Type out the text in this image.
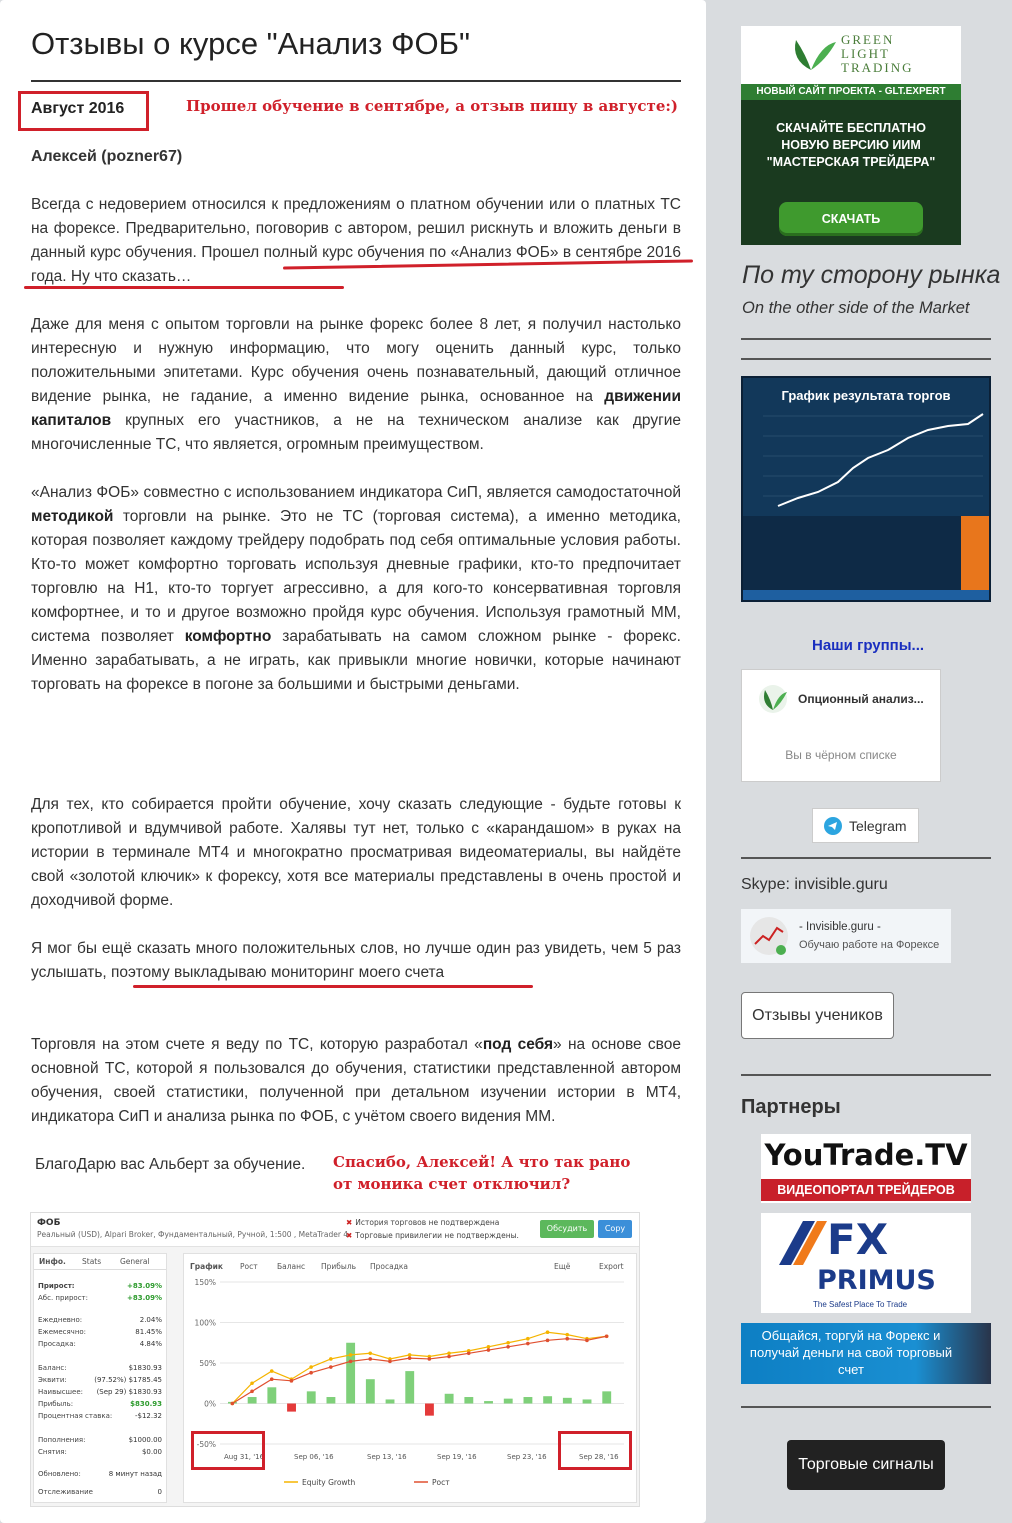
Отзывы о курсе "Анализ ФОБ"
Август 2016	Прошел обучение в сентябре, а отзыв пишу в августе:)
Алексей (pozner67)

Всегда с недоверием относился к предложениям о платном обучении или о платных ТС на форексе. Предварительно, поговорив с автором, решил рискнуть и вложить деньги в данный курс обучения. Прошел полный курс обучения по «Анализ ФОБ» в сентябре 2016 года. Ну что сказать…

Даже для меня с опытом торговли на рынке форекс более 8 лет, я получил настолько интересную и нужную информацию, что могу оценить данный курс, только положительными эпитетами. Курс обучения очень познавательный, дающий отличное видение рынка, не гадание, а именно видение рынка, основанное на движении капиталов крупных его участников, а не на техническом анализе как другие многочисленные ТС, что является, огромным преимуществом.

«Анализ ФОБ» совместно с использованием индикатора СиП, является самодостаточной методикой торговли на рынке. Это не ТС (торговая система), а именно методика, которая позволяет каждому трейдеру подобрать под себя оптимальные условия работы. Кто-то может комфортно торговать используя дневные графики, кто-то предпочитает торговлю на H1, кто-то торгует агрессивно, а для кого-то консервативная торговля комфортнее, и то и другое возможно пройдя курс обучения. Используя грамотный ММ, система позволяет комфортно зарабатывать на самом сложном рынке - форекс. Именно зарабатывать, а не играть, как привыкли многие новички, которые начинают торговать на форексе в погоне за большими и быстрыми деньгами.

Для тех, кто собирается пройти обучение, хочу сказать следующие - будьте готовы к кропотливой и вдумчивой работе. Халявы тут нет, только с «карандашом» в руках на истории в терминале МТ4 и многократно просматривая видеоматериалы, вы найдёте свой «золотой ключик» к форексу, хотя все материалы представлены в очень простой и доходчивой форме.

Я мог бы ещё сказать много положительных слов, но лучше один раз увидеть, чем 5 раз услышать, поэтому выкладываю мониторинг моего счета

Торговля на этом счете я веду по ТС, которую разработал «под себя» на основе свое основной ТС, которой я пользовался до обучения, статистики представленной автором обучения, своей статистики, полученной при детальном изучении истории в МТ4, индикатора СиП и анализа рынка по ФОБ, с учётом своего видения ММ.

БлагоДарю вас Альберт за обучение. Спасибо, Алексей! А что так рано от моника счет отключил?
ФОБ
Реальный (USD), Alpari Broker, Фундаментальный, Ручной, 1:500 , MetaTrader 4
✖ История торговов не подтверждена
✖ Торговые привилегии не подтверждены.
Обсудить	Copy
Инфо. Stats	General
Прирост:	+83.09%
Абс. прирост:	+83.09%
Ежедневно:	2.04%
Ежемесячно:	81.45%
Просадка:	4.84%
Баланс:	$1830.93
Эквити:	(97.52%) $1785.45
Наивысшее: (Sep 29) $1830.93
Прибыль:	$830.93
Процентная ставка:	-$12.32
Пополнения:	$1000.00
Снятия:	$0.00
Обновлено:	8 минут назад
Отслеживание	0
График Рост	Баланс Прибыль Просадка	Ещё	Export
150%
100%
50%
0%
-50%
Aug 31, '16	Sep 06, '16	Sep 13, '16	Sep 19, '16	Sep 23, '16	Sep 28, '16
Equity Growth	Рост
GREEN
LIGHT
TRADING
НОВЫЙ САЙТ ПРОЕКТА - GLT.EXPERT
СКАЧАЙТЕ БЕСПЛАТНО НОВУЮ ВЕРСИЮ ИИМ "МАСТЕРСКАЯ ТРЕЙДЕРА"
СКАЧАТЬ
По ту сторону рынка
On the other side of the Market
График результата торгов
Наши группы...
Опционный анализ...
Вы в чёрном списке
Telegram
Skype: invisible.guru
- Invisible.guru -
Обучаю работе на Форексе
Отзывы учеников
Партнеры
YouTrade.TV
ВИДЕОПОРТАЛ ТРЕЙДЕРОВ
FX
PRIMUS
The Safest Place To Trade
Общайся, торгуй на Форекс и получай деньги на свой торговый счет
Торговые сигналы
